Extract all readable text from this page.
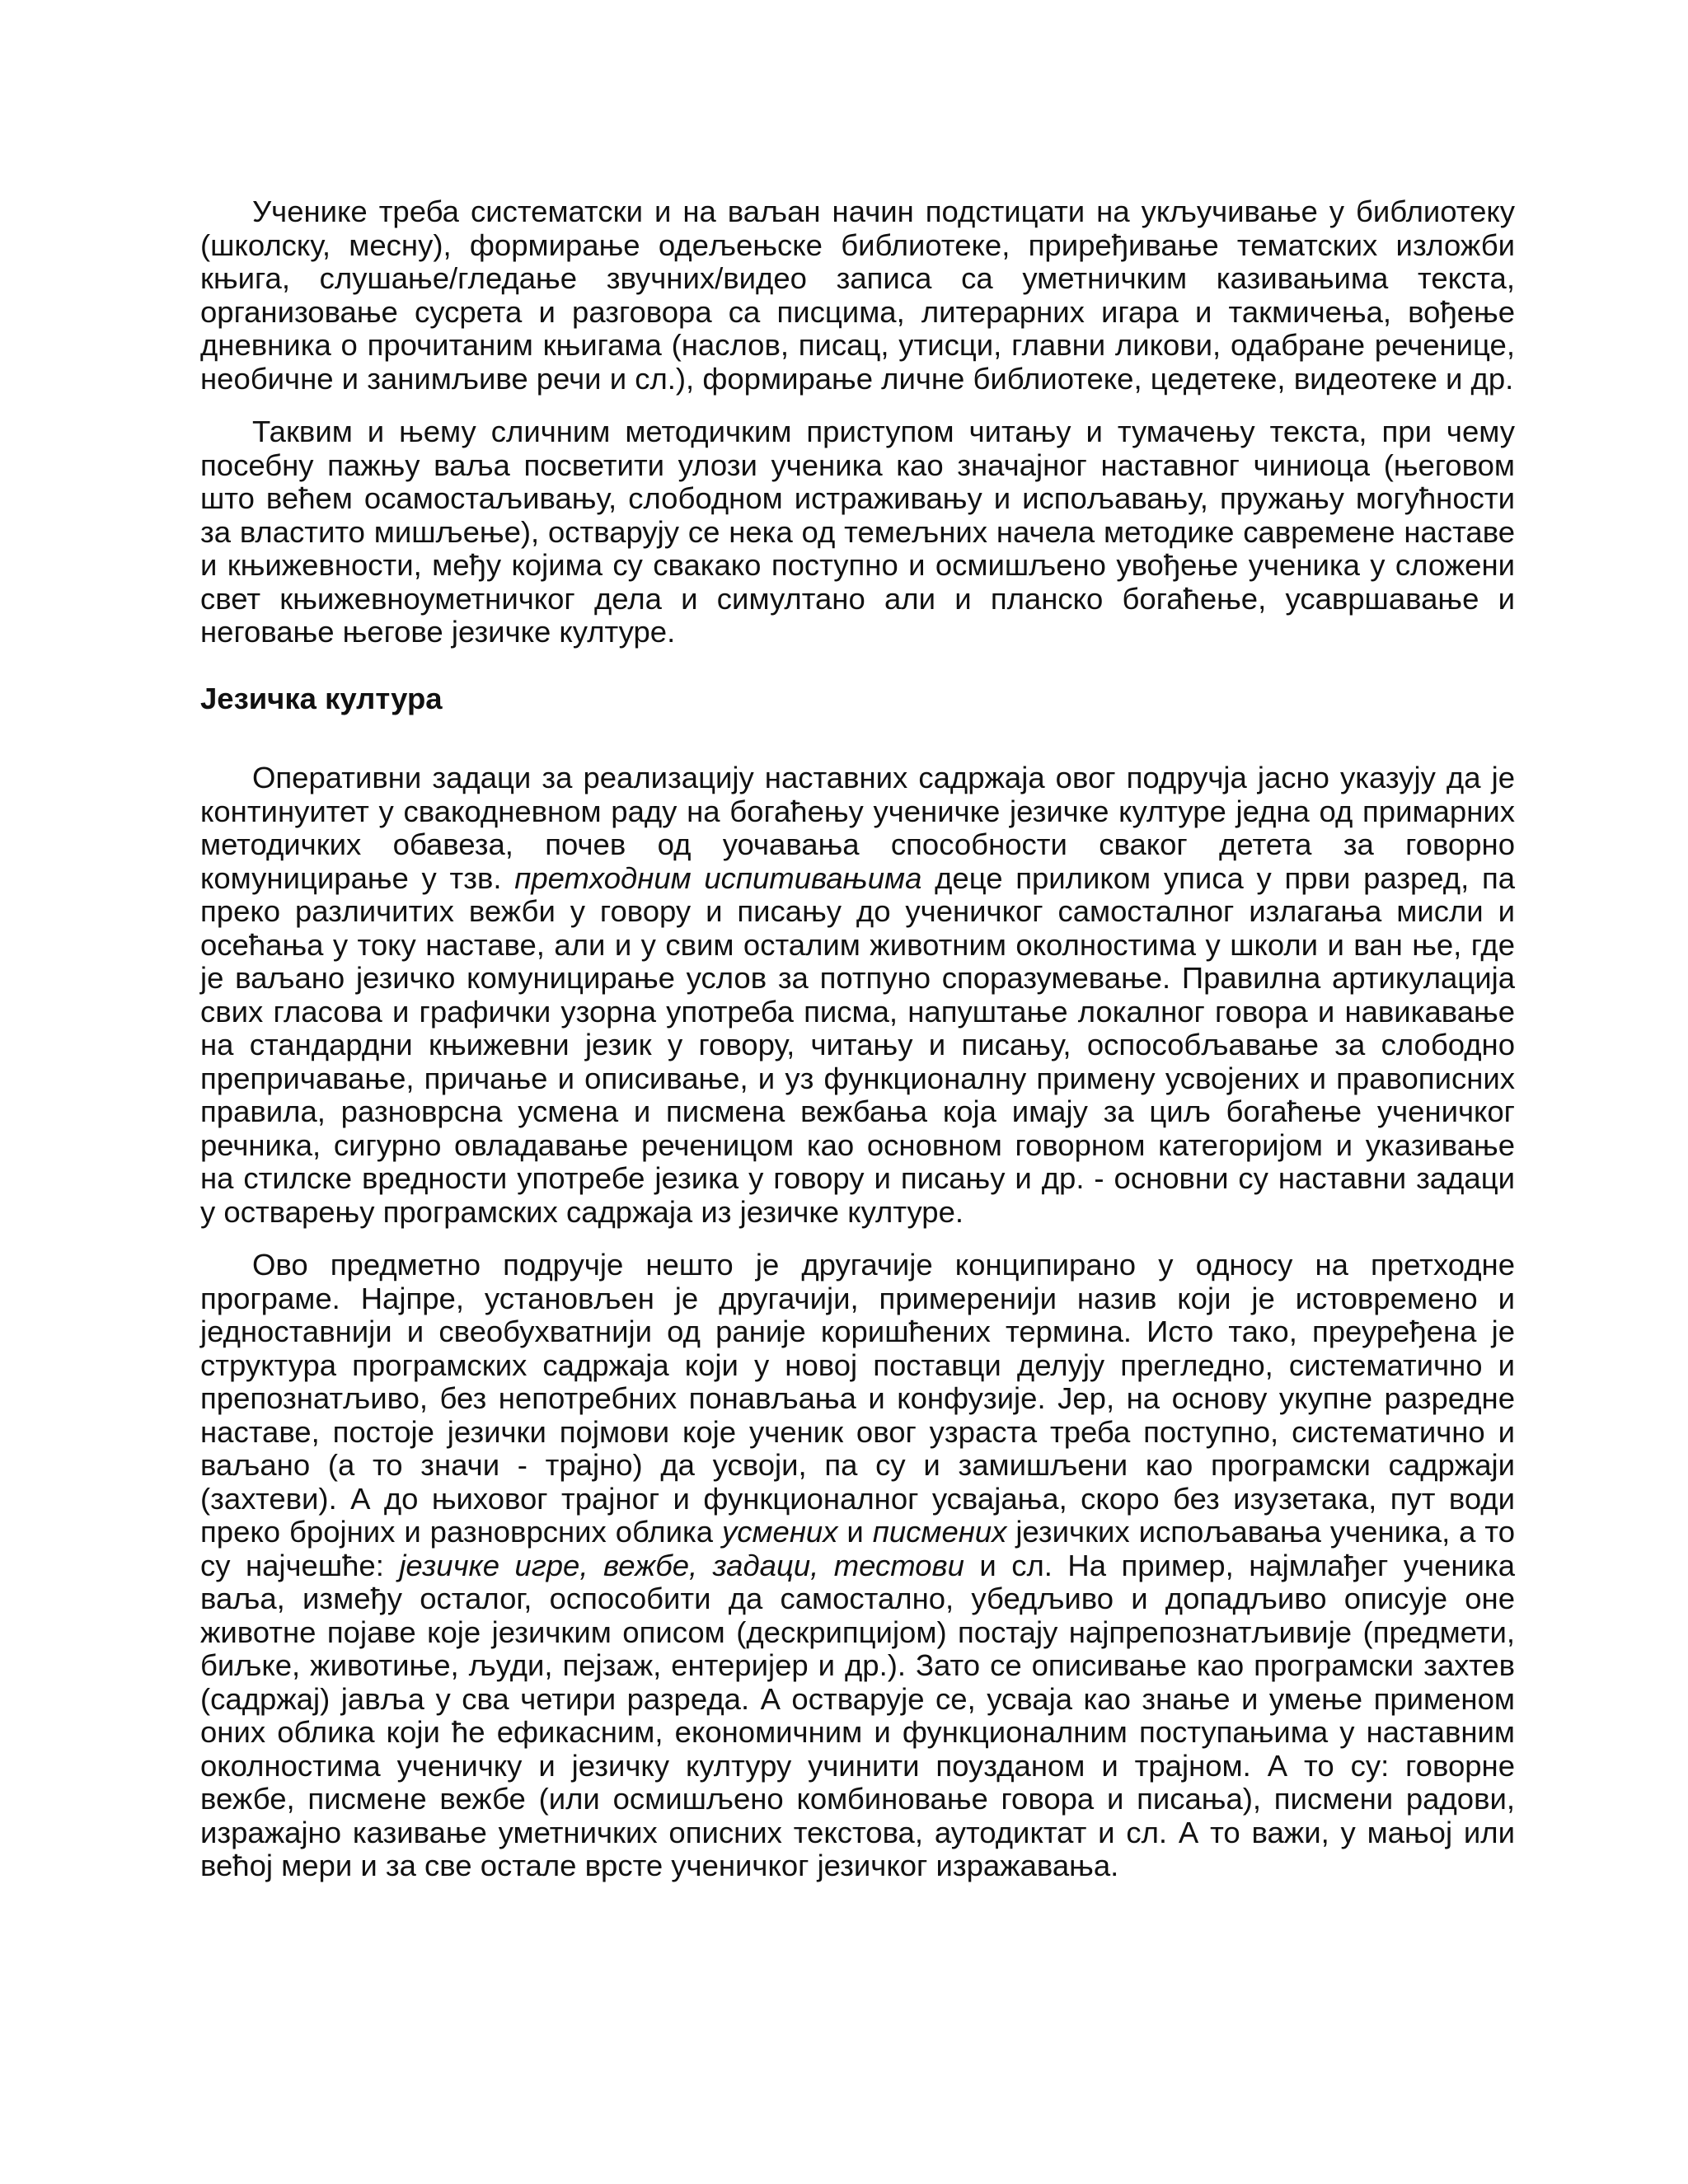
Ученике треба систематски и на ваљан начин подстицати на укључивање у библиотеку (школску, месну), формирање одељењске библиотеке, приређивање тематских изложби књига, слушање/гледање звучних/видео записа са уметничким казивањима текста, организовање сусрета и разговора са писцима, литерарних игара и такмичења, вођење дневника о прочитаним књигама (наслов, писац, утисци, главни ликови, одабране реченице, необичне и занимљиве речи и сл.), формирање личне библиотеке, цедетеке, видеотеке и др.

Таквим и њему сличним методичким приступом читању и тумачењу текста, при чему посебну пажњу ваља посветити улози ученика као значајног наставног чиниоца (његовом што већем осамостаљивању, слободном истраживању и испољавању, пружању могућности за властито мишљење), остварују се нека од темељних начела методике савремене наставе и књижевности, међу којима су свакако поступно и осмишљено увођење ученика у сложени свет књижевноуметничког дела и симултано али и планско богаћење, усавршавање и неговање његове језичке културе.

Језичка култура

Оперативни задаци за реализацију наставних садржаја овог подручја јасно указују да је континуитет у свакодневном раду на богаћењу ученичке језичке културе једна од примарних методичких обавеза, почев од уочавања способности сваког детета за говорно комуницирање у тзв. претходним испитивањима деце приликом уписа у први разред, па преко различитих вежби у говору и писању до ученичког самосталног излагања мисли и осећања у току наставе, али и у свим осталим животним околностима у школи и ван ње, где је ваљано језичко комуницирање услов за потпуно споразумевање. Правилна артикулација свих гласова и графички узорна употреба писма, напуштање локалног говора и навикавање на стандардни књижевни језик у говору, читању и писању, оспособљавање за слободно препричавање, причање и описивање, и уз функционалну примену усвојених и правописних правила, разноврсна усмена и писмена вежбања која имају за циљ богаћење ученичког речника, сигурно овладавање реченицом као основном говорном категоријом и указивање на стилске вредности употребе језика у говору и писању и др. - основни су наставни задаци у остварењу програмских садржаја из језичке културе.

Ово предметно подручје нешто је другачије конципирано у односу на претходне програме. Најпре, установљен је другачији, примеренији назив који је истовремено и једноставнији и свеобухватнији од раније коришћених термина. Исто тако, преуређена је структура програмских садржаја који у новој поставци делују прегледно, систематично и препознатљиво, без непотребних понављања и конфузије. Јер, на основу укупне разредне наставе, постоје језички појмови које ученик овог узраста треба поступно, систематично и ваљано (а то значи - трајно) да усвоји, па су и замишљени као програмски садржаји (захтеви). А до њиховог трајног и функционалног усвајања, скоро без изузетака, пут води преко бројних и разноврсних облика усмених и писмених језичких испољавања ученика, а то су најчешће: језичке игре, вежбе, задаци, тестови и сл. На пример, најмлађег ученика ваља, између осталог, оспособити да самостално, убедљиво и допадљиво описује оне животне појаве које језичким описом (дескрипцијом) постају најпрепознатљивије (предмети, биљке, животиње, људи, пејзаж, ентеријер и др.). Зато се описивање као програмски захтев (садржај) јавља у сва четири разреда. А остварује се, усваја као знање и умење применом оних облика који ће ефикасним, економичним и функционалним поступањима у наставним околностима ученичку и језичку културу учинити поузданом и трајном. А то су: говорне вежбе, писмене вежбе (или осмишљено комбиновање говора и писања), писмени радови, изражајно казивање уметничких описних текстова, аутодиктат и сл. А то важи, у мањој или већој мери и за све остале врсте ученичког језичког изражавања.
